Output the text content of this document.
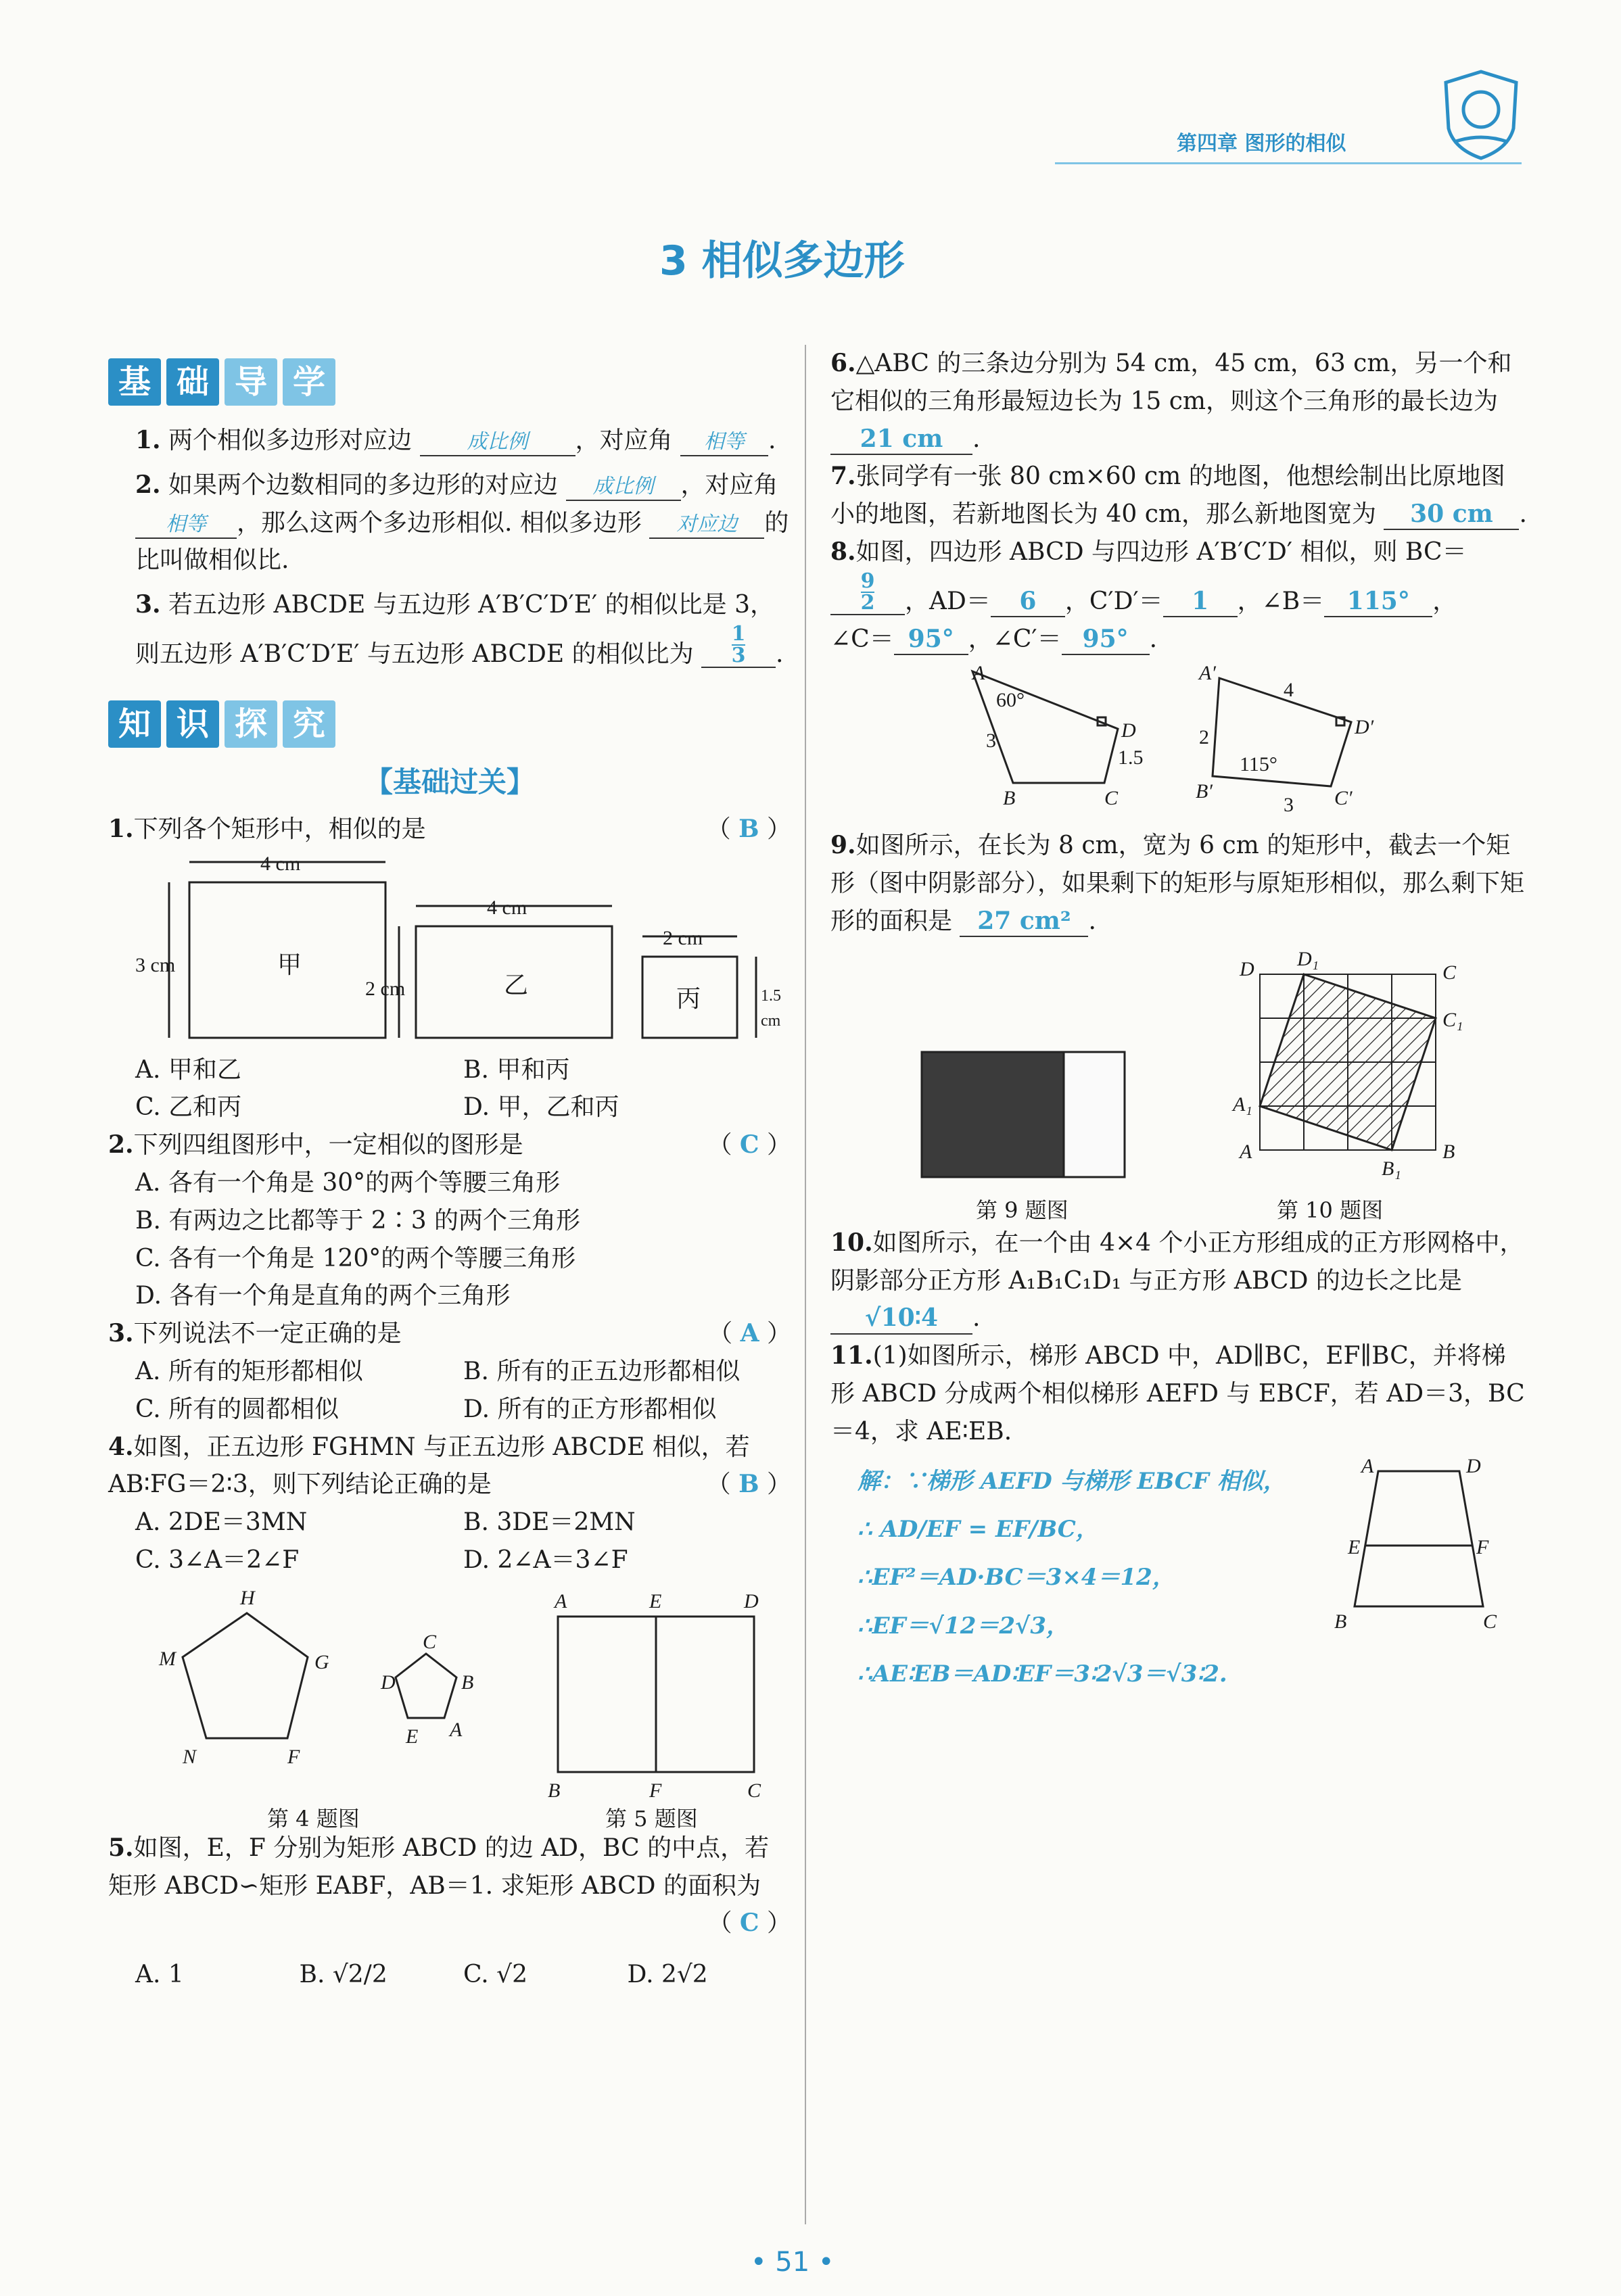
第四章 图形的相似
3 相似多边形
基 础 导 学

1. 两个相似多边形对应边	成比例 ，对应角 相等 .

2. 如果两个边数相同的多边形的对应边 成比例 ，对应角 相等 ，那么这两个多边形相似. 相似多边形 对应边 的比叫做相似比.

3. 若五边形 ABCDE 与五边形 A′B′C′D′E′ 的相似比是 3，则五边形 A′B′C′D′E′ 与五边形 ABCDE 的相似比为 $\frac{1}{3}$ .

知 识 探 究
【基础过关】

1.下列各个矩形中，相似的是	（ B ）

4 cm
3 cm	甲
4 cm
2 cm	乙
2 cm
1.5 cm
丙
A. 甲和乙	B. 甲和丙
C. 乙和丙	D. 甲，乙和丙

2.下列四组图形中，一定相似的图形是	（ C ）

A. 各有一个角是 30°的两个等腰三角形

B. 有两边之比都等于 2∶3 的两个三角形

C. 各有一个角是 120°的两个等腰三角形

D. 各有一个角是直角的两个三角形

3.下列说法不一定正确的是	（ A ）

A. 所有的矩形都相似	B. 所有的正五边形都相似
C. 所有的圆都相似	D. 所有的正方形都相似

4.如图，正五边形 FGHMN 与正五边形 ABCDE 相似，若 AB∶FG＝2∶3，则下列结论正确的是	（ B ）

A. 2DE＝3MN	B. 3DE＝2MN
C. 3∠A＝2∠F	D. 2∠A＝3∠F
H
M	G
N	F
C
D	B
E A
A	E	D
B	F	C
第 4 题图	第 5 题图

5.如图，E，F 分别为矩形 ABCD 的边 AD，BC 的中点，若矩形 ABCD∽矩形 EABF，AB＝1. 求矩形 ABCD 的面积为

（ C ）

A. 1	B. √2/2	C. √2	D. 2√2

6.△ABC 的三条边分别为 54 cm，45 cm，63 cm，另一个和它相似的三角形最短边长为 15 cm，则这个三角形的最长边为 21 cm .

7.张同学有一张 80 cm×60 cm 的地图，他想绘制出比原地图小的地图，若新地图长为 40 cm，那么新地图宽为 30 cm .

8.如图，四边形 ABCD 与四边形 A′B′C′D′ 相似，则 BC＝

$\frac{9}{2}$ ，AD＝ 6 ，C′D′＝ 1 ，∠B＝ 115° ，

∠C＝ 95° ，∠C′＝ 95° .

A
60°
3	D
1.5
B	C
A′
4
2	D′
115°
B′
3 C′

9.如图所示，在长为 8 cm，宽为 6 cm 的矩形中，截去一个矩形（图中阴影部分），如果剩下的矩形与原矩形相似，那么剩下矩形的面积是 27 cm² .

第 9 题图
D D₁
C
C₁
A₁
A
B₁
B
第 10 题图

10.如图所示，在一个由 4×4 个小正方形组成的正方形网格中，阴影部分正方形 A₁B₁C₁D₁ 与正方形 ABCD 的边长之比是 √10∶4 .

11.(1)如图所示，梯形 ABCD 中，AD∥BC，EF∥BC，并将梯形 ABCD 分成两个相似梯形 AEFD 与 EBCF，若 AD＝3，BC＝4，求 AE∶EB.

解：∵梯形 AEFD 与梯形 EBCF 相似，
∴ AD/EF = EF/BC，
∴EF²＝AD·BC＝3×4＝12，
∴EF＝√12＝2√3，
∴AE∶EB＝AD∶EF＝3∶2√3＝√3∶2.
A	D
E	F
B	C
• 51 •
